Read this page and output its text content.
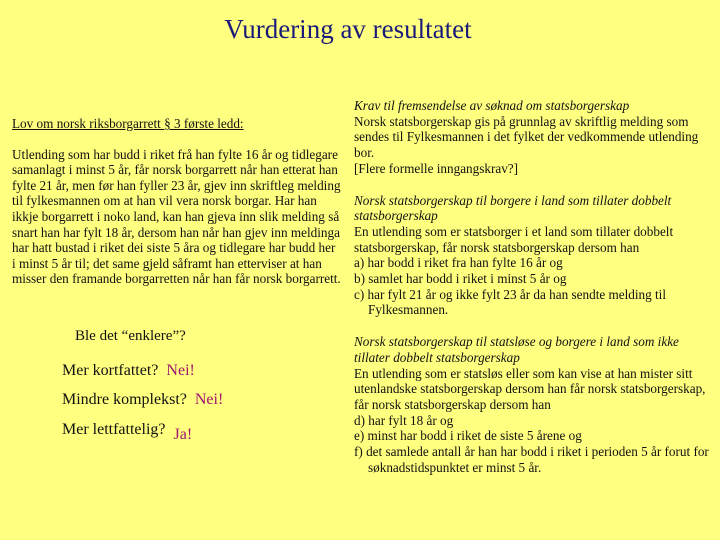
Vurdering av resultatet
Lov om norsk riksborgarrett § 3 første ledd:

Utlending som har budd i riket frå han fylte 16 år og tidlegare samanlagt i minst 5 år, får norsk borgarrett når han etterat han fylte 21 år, men før han fyller 23 år, gjev inn skriftleg melding til fylkesmannen om at han vil vera norsk borgar. Har han ikkje borgarrett i noko land, kan han gjeva inn slik melding så snart han har fylt 18 år, dersom han når han gjev inn meldinga har hatt bustad i riket dei siste 5 åra og tidlegare har budd her i minst 5 år til; det same gjeld såframt han etterviser at han misser den framande borgarretten når han får norsk borgarrett.

Ble det “enklere”?
Mer kortfattet? Nei!
Mindre komplekst? Nei!
Mer lettfattelig? Ja!
Krav til fremsendelse av søknad om statsborgerskap
Norsk statsborgerskap gis på grunnlag av skriftlig melding som sendes til Fylkesmannen i det fylket der vedkommende utlending bor.
[Flere formelle inngangskrav?]
Norsk statsborgerskap til borgere i land som tillater dobbelt statsborgerskap
En utlending som er statsborger i et land som tillater dobbelt statsborgerskap, får norsk statsborgerskap dersom han
a) har bodd i riket fra han fylte 16 år og
b) samlet har bodd i riket i minst 5 år og
c) har fylt 21 år og ikke fylt 23 år da han sendte melding til Fylkesmannen.
Norsk statsborgerskap til statsløse og borgere i land som ikke tillater dobbelt statsborgerskap
En utlending som er statsløs eller som kan vise at han mister sitt utenlandske statsborgerskap dersom han får norsk statsborgerskap, får norsk statsborgerskap dersom han
d) har fylt 18 år og
e) minst har bodd i riket de siste 5 årene og
f) det samlede antall år han har bodd i riket i perioden 5 år forut for søknadstidspunktet er minst 5 år.
